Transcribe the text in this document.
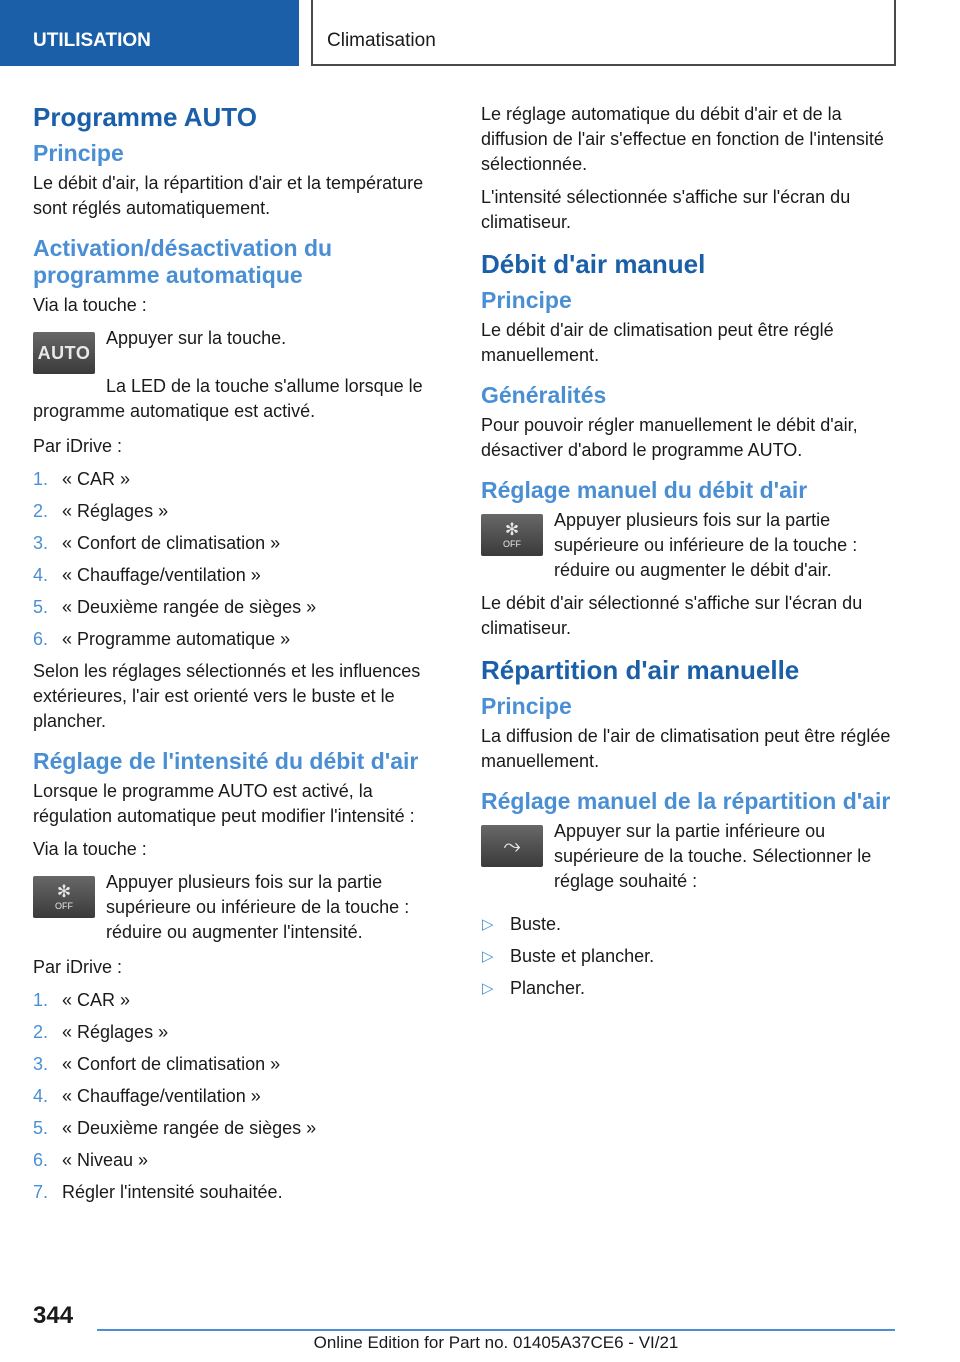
UTILISATION	Climatisation
Programme AUTO
Principe

Le débit d'air, la répartition d'air et la température sont réglés automatiquement.

Activation/désactivation du programme automatique

Via la touche :

AUTO

Appuyer sur la touche.

La LED de la touche s'allume lorsque le programme automatique est activé.

Par iDrive :

1. « CAR »
2. « Réglages »
3. « Confort de climatisation »
4. « Chauffage/ventilation »
5. « Deuxième rangée de sièges »
6. « Programme automatique »

Selon les réglages sélectionnés et les influences extérieures, l'air est orienté vers le buste et le plancher.

Réglage de l'intensité du débit d'air

Lorsque le programme AUTO est activé, la régulation automatique peut modifier l'intensité :

Via la touche :

✻
OFF

Appuyer plusieurs fois sur la partie supérieure ou inférieure de la touche : réduire ou augmenter l'intensité.

Par iDrive :

1. « CAR »
2. « Réglages »
3. « Confort de climatisation »
4. « Chauffage/ventilation »
5. « Deuxième rangée de sièges »
6. « Niveau »
7. Régler l'intensité souhaitée.

Le réglage automatique du débit d'air et de la diffusion de l'air s'effectue en fonction de l'intensité sélectionnée.

L'intensité sélectionnée s'affiche sur l'écran du climatiseur.

Débit d'air manuel
Principe

Le débit d'air de climatisation peut être réglé manuellement.

Généralités

Pour pouvoir régler manuellement le débit d'air, désactiver d'abord le programme AUTO.

Réglage manuel du débit d'air
✻
OFF

Appuyer plusieurs fois sur la partie supérieure ou inférieure de la touche : réduire ou augmenter le débit d'air.

Le débit d'air sélectionné s'affiche sur l'écran du climatiseur.

Répartition d'air manuelle
Principe

La diffusion de l'air de climatisation peut être réglée manuellement.

Réglage manuel de la répartition d'air
⤳

Appuyer sur la partie inférieure ou supérieure de la touche. Sélectionner le réglage souhaité :

▷ Buste.
▷ Buste et plancher.
▷ Plancher.
344
Online Edition for Part no. 01405A37CE6 - VI/21
